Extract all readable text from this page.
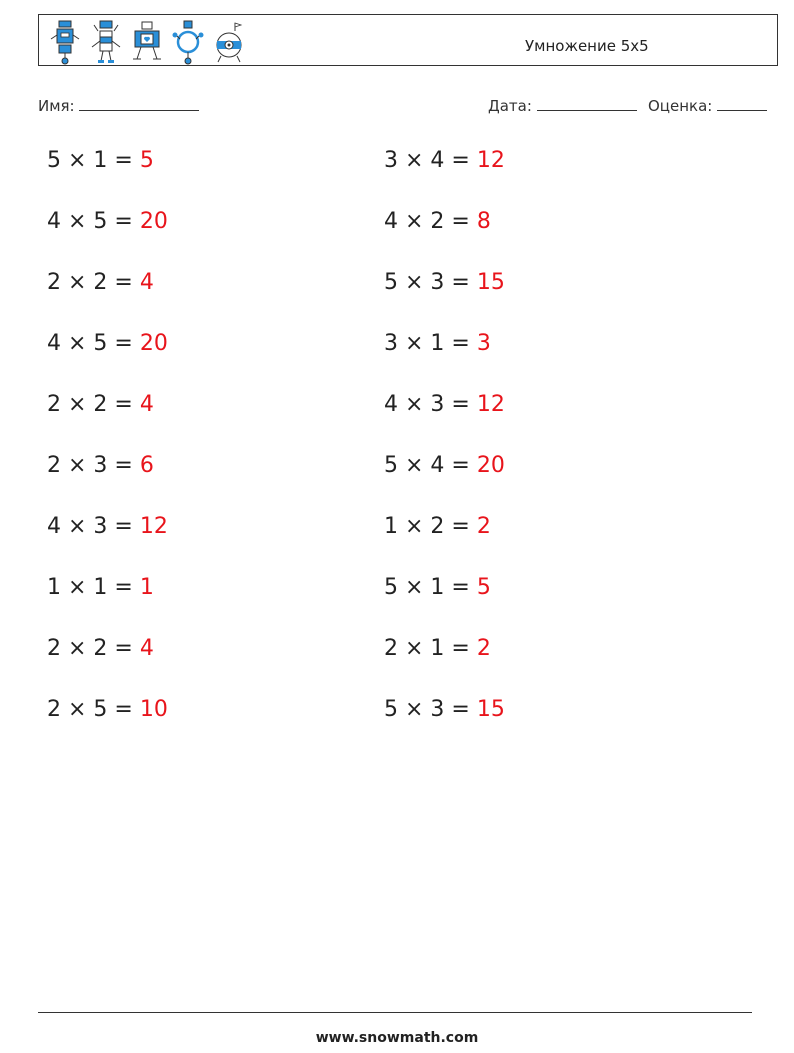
Умножение 5x5
Имя:	Дата:	Оценка:
5 × 1 = 5
4 × 5 = 20
2 × 2 = 4
4 × 5 = 20
2 × 2 = 4
2 × 3 = 6
4 × 3 = 12
1 × 1 = 1
2 × 2 = 4
2 × 5 = 10
3 × 4 = 12
4 × 2 = 8
5 × 3 = 15
3 × 1 = 3
4 × 3 = 12
5 × 4 = 20
1 × 2 = 2
5 × 1 = 5
2 × 1 = 2
5 × 3 = 15
www.snowmath.com
